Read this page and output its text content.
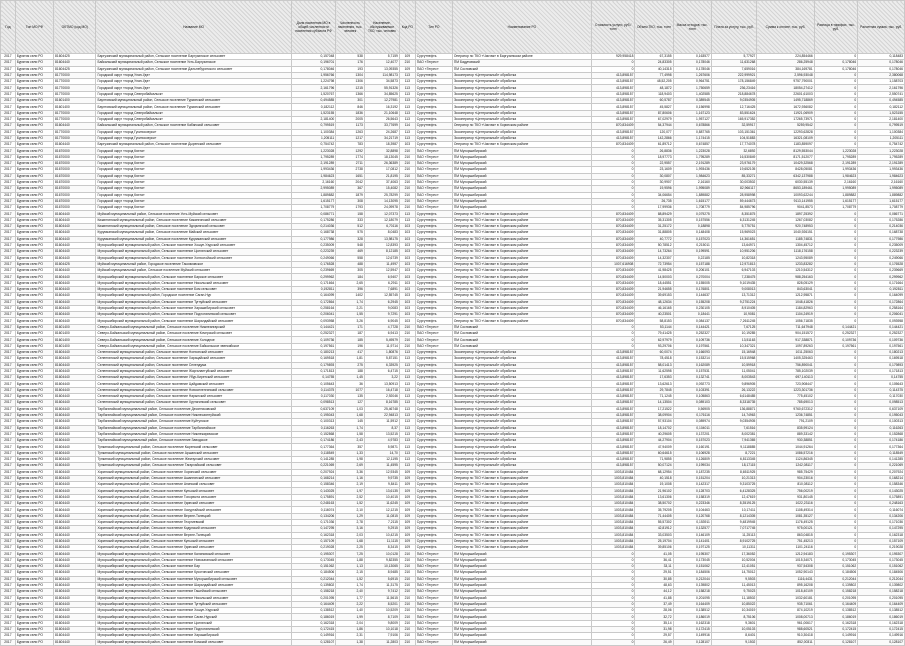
Год	Тип МО РФ	ОКТМО (код МО)	Название МО	Доля населения МО в общей численности населения субъекта РФ	Численность населения, тыс. человек	Население, обслуживаемое ТКО, тыс. человек	Код РО	Тип РО	Наименование РО	Стоимость услуги, руб./тонн	Объем ТКО, тыс. тонн	Масса отходов, тыс. тонн	Плата за услугу, тыс. руб.	Сумма к оплате, тыс. руб.	Разница в тарифах, тыс. руб.	Расчетная сумма, тыс. руб.
2017	Бурятия сели РО	81604425	Баргузинский муниципальный район, Сельское поселение Баргузинское сельсовет	0,157048	538	5,7159	109	Сургутнефть	Оператор по ТКО «Чистая» в Баргузинском районе	929,958418	67,3155	0,163577	5,77927	224,854466	0	0,118483
2017	Бурятия сели РО	81604440	Байкальский муниципальный район, Сельское поселение Усть-Баргузинское	0,196701	176	12,4077	210	ПАО «Тегрес»	ПМ Бадуновский	0	24,83305	0,178046	11,631268	286,25948	0,178046	0,178046
2017	Бурятия сели РО	81604425	Баргузинский муниципальный район, Сельское поселение Дальнебурятского сельсовет	0,178046	193	13,09355	109	ПАО «Тегрес»	ПМ Сосновский	0	40,14315	0,178046	7,659016	384,169781	0,178046	0,178046
2017	Бурятия сели РО	81770000	Городской округ «город Улан-Удэ»	1,956766	1304	114,98173	113	Сургутнефть	Экооператор «Центральный» обработка	413,898157	77,4998	1,267606	222,999921	2,596,93048	0	2,380068
2017	Бурятия сели РО	81770000	Городской округ «город Улан-Удэ»	1,224798	1306	34,5873	113	Сургутнефть	Экооператор «Центральный» обработка	413,898157	48,52,205	0,964751	178,156849	9757,790001	0	1,158703
2017	Бурятия сели РО	81770000	Городской округ «город Улан-Удэ»	2,161796	1215	55,91326	113	Сургутнефть	Экооператор «Центральный» обработка	413,898157	48,1872	1,750659	236,23416	18054,27412	0	2,161796
2017	Бурятия сели РО	81770000	Городской округ «город Северобайкальск»	1,520767	1366	34,85625	113	Сургутнефть	Экооператор «Центральный» обработка	413,898157	118,9403	1,402585	218,884678	22601,61003	0	2,550741
2017	Бурятия сели РО	81601400	Баунтовский муниципальный район, Сельское поселение Туркинский сельсовет	0,494585	301	12,27981	113	Сургутнефть	Экооператор «Центральный» обработка	413,898157	60,5787	0,389545	9,0354905	1495,718869	0	0,494585
2017	Бурятия сели РО	81601400	Баунтовский муниципальный район, Сельское поселение Туркинский сельсовет	0,182112	846	16,3192	113	Сургутнефть	Экооператор «Центральный» обработка	413,898157	45,5827	0,156998	12,716425	1672,936082	0	0,182112
2017	Бурятия сели РО	81770000	Городской округ «город Северобайкальск»	1,523155	1836	21,10648	113	Сургутнефть	Экооператор «Центральный» обработка	413,898157	87,80606	1,167123	83,551624	11921,06909	0	1,523155
2017	Бурятия сели РО	81770000	Городской округ «город Северобайкальск»	2,181400	2005	26,5643	113	Сургутнефть	Экооператор «Центральный» обработка	413,898157	67,02979	1,957127	165,917352	17265,73971	0	2,181400
2017	Бурятия сели РО	81604440	Байкальский муниципальный район, Сельское поселение Кабанский сельсовет	0,799519	1173	33,77699	114	Сургутнефть	Оператор по ТКО «Чистая» в Хоринском районе	870,834409	54,37944	0,678866	32,59917	5259,9542	0	0,799519
2017	Бурятия сели РО	81770000	Городской округ «город Гусиноозерск»	1,100384	1263	24,2687	113	Сургутнефть	Экооператор «Центральный» обработка	413,898157	120,077	0,887765	103,151361	12293,62828	0	1,100384
2017	Бурятия сели РО	81770000	Городской округ «город Гусиноозерск»	1,205111	1217	34,21719	113	Сургутнефть	Экооператор «Центральный» обработка	413,898157	142,2866	1,174415	104,51883	16321,08109	0	1,205111
2017	Бурятия сели РО	81604440	Баргузинский муниципальный район, Сельское поселение Дыренский сельсовет	0,754742	783	18,3987	103	Сургутнефть	Оператор по ТКО «Чистая» в Хоринском районе	870,834409	61,89712	0,674857	17,774078	1183,859097	0	0,754742
2017	Бурятия сели РО	81670000	Городской округ «город Кяхта»	1,223028	1292	32,8898	210	ПАО «Тегрес»	ПМ Мухоршибирский	0	26,8836	1,223028	32,6892	8129,553044	1,223028	1,223028
2017	Бурятия сели РО	81670000	Городской округ «город Кяхта»	1,795289	1774	18,13045	210	ПАО «Тегрес»	ПМ Мухоршибирский	0	18,97773	1,795289	16,530849	8171,512077	1,795289	1,795289
2017	Бурятия сели РО	81670000	Городской округ «город Кяхта»	2,191289	2711	26,36389	210	ПАО «Тегрес»	ПМ Мухоршибирский	0	22,9557	2,191289	23,976179	10429,32568	2,191289	2,191289
2017	Бурятия сели РО	81670000	Городской округ «город Кяхта»	1,993436	2738	17,0812	210	ПАО «Тегрес»	ПМ Мухоршибирский	0	23,1609	1,993436	19,652105	8428,05081	1,993436	1,993436
2017	Бурятия сели РО	81670000	Городской округ «город Кяхта»	1,984623	1651	21,8195	210	ПАО «Тегрес»	ПМ Мухоршибирский	0	30,0807	1,984623	85,33271	6342,137988	1,984623	1,984623
2017	Бурятия сели РО	81670000	Городской округ «город Кяхта»	2,16160	2042	37,4063	210	ПАО «Тегрес»	ПМ Мухоршибирский	0	30,9907	2,16160	30,003502	6030,55139	2,16160	2,16160
2017	Бурятия сели РО	81670000	Городской округ «город Кяхта»	2,995089	367	15,4082	210	ПАО «Тегрес»	ПМ Мухоршибирский	0	19,9596	1,995089	82,966117	8653,189461	1,995089	1,995089
2017	Бурятия сели РО	81670000	Городской округ «город Кяхта»	1,889882	1879	25,78299	210	ПАО «Тегрес»	ПМ Мухоршибирский	0	34,06654	1,889882	28,958998	10093,62244	1,889882	1,889882
2017	Бурятия сели РО	81670000	Городской округ «город Кяхта»	1,615177	308	14,13095	210	ПАО «Тегрес»	ПМ Мухоршибирский	0	26,735	1,615177	59,444673	9113,141955	1,615177	1,615177
2017	Бурятия сели РО	81670000	Городской округ «город Кяхта»	1,708779	1793	24,09978	210	ПАО «Тегрес»	ПМ Мухоршибирский	0	17,99936	1,708779	84,985796	9041,8573	1,708779	1,708779
2017	Бурятия сели РО	81604440	Муйский муниципальный район, Сельское поселение Усть-Муйский сельсовет	0,086771	158	12,07373	113	Сургутнефть	Оператор по ТКО «Чистая» в Хоринском районе	870,834409	88,89429	0,079275	8,351875	1897,25392	0	0,086771
2017	Бурятия сели РО	81604440	Кижингинский муниципальный район, Сельское поселение Кижингинский сельсовет	0,175286	333	12,18079	113	Сургутнефть	Оператор по ТКО «Чистая» в Хоринском районе	870,834409	35,31305	0,157556	6,3131245	1267,03082	0	0,175286
2017	Бурятия сели РО	81604440	Кижингинский муниципальный район, Сельское поселение Эдэрмэгский сельсовет	0,214036	512	6,70116	103	Сургутнефть	Оператор по ТКО «Чистая» в Хоринском районе	870,834409	31,25172	0,18898	5,775751	920,748953	0	0,214036
2017	Бурятия сели РО	81604440	Курумканский муниципальный район, Сельское поселение Майский сельсовет	0,168738	575	8,0483	103	Сургутнефть	Оператор по ТКО «Чистая» в Хоринском районе	870,834409	31,88805	0,148408	15,969023	1040,926151	0	0,168738
2017	Бурятия сели РО	81604440	Курумканский муниципальный район, Сельское поселение Курумканский сельсовет	0,177986	328	13,98175	103	Сургутнефть	Оператор по ТКО «Чистая» в Хоринском районе	870,834409	40,7772	0,157023	14,361651	1185,74831	0	0,177986
2017	Бурятия сели РО	81604440	Мухоршибирский муниципальный район, Сельское поселение Хошун-Узурский сельсовет	0,235009	548	12,8393	103	Сургутнефть	Оператор по ТКО «Чистая» в Хоринском районе	870,834409	50,78512	0,215011	13,64971	1304,45712	0	0,235009
2017	Бурятия сели РО	81604440	Мухоршибирский муниципальный район, Сельское поселение Цолгинский сельсовет	0,223239	469	8,12185	103	Сургутнефть	Оператор по ТКО «Чистая» в Хоринском районе	870,834409	14,73264	0,199591	10,951206	1118,176158	0	0,223239
2017	Бурятия сели РО	81604440	Мухоршибирский муниципальный район, Сельское поселение Хонхолойский сельсовет	0,249066	558	12,6739	103	Сургутнефть	Оператор по ТКО «Чистая» в Хоринском районе	870,834409	14,32307	0,22185	10,82318	1243,95089	0	0,249066
2017	Бурятия сели РО	81604425	Муйский муниципальный район, Городское поселение Таксимовское	0,176528	488	11,4997	103	Сургутнефть	Оператор по ТКО «Чистая» в Хоринском районе	1007,616908	72,73954	0,157188	12,971813	1233,83282	0	0,176528
2017	Бурятия сели РО	81604440	Муйский муниципальный район, Сельское поселение Муйский сельсовет	0,239669	305	12,5947	103	Сургутнефть	Оператор по ТКО «Чистая» в Хоринском районе	870,834409	41,98425	0,206101	6,947103	1210,54312	0	0,239669
2017	Бурятия сели РО	81604440	Мухоршибирский муниципальный район, Сельское поселение Барское сельсовет	0,299962	184	6,9407	103	Сургутнефть	Оператор по ТКО «Чистая» в Хоринском районе	870,834409	14,50003	0,270004	7,238475	988,254163	0	0,299962
2017	Бурятия сели РО	81604440	Мухоршибирский муниципальный район, Сельское поселение Никольский сельсовет	0,171664	2,65	6,2911	103	Сургутнефть	Оператор по ТКО «Чистая» в Хоринском районе	870,834409	18,44551	0,155005	9,1019435	828,05129	0	0,171664
2017	Бурятия сели РО	81604440	Мухоршибирский муниципальный район, Сельское поселение Бом сельсовет	0,192811	396	7,6891	103	Сургутнефть	Оператор по ТКО «Чистая» в Хоринском районе	870,834409	21,94655	0,176801	9,008013	843,63041	0	0,192811
2017	Бурятия сели РО	81604440	Мухоршибирский муниципальный район, Городское поселение Саган-Нур	0,164099	1402	12,55745	103	Сургутнефть	Оператор по ТКО «Чистая» в Хоринском районе	870,834409	39,69153	0,144637	13,71312	1212,95871	0	0,164099
2017	Бурятия сели РО	81604440	Мухоршибирский муниципальный район, Сельское поселение Тугнуйский сельсовет	0,172864	1,74	6,2945	103	Сургутнефть	Оператор по ТКО «Чистая» в Хоринском районе	870,834409	48,12634	0,155208	9,2751224	1048,41826	0	0,172864
2017	Бурятия сели РО	81604440	Мухоршибирский муниципальный район, Сельское поселение Харашибирский сельсовет	0,258164	2,21	9,0083	103	Сургутнефть	Оператор по ТКО «Чистая» в Хоринском районе	870,834409	46,16165	0,230105	8,910405	1184,82963	0	0,258164
2017	Бурятия сели РО	81604440	Мухоршибирский муниципальный район, Сельское поселение Подлопатинский сельсовет	0,206041	1,55	9,7291	103	Сургутнефть	Оператор по ТКО «Чистая» в Хоринском районе	870,834409	40,23501	0,18441	10,9081	1104,24919	0	0,206041
2017	Бурятия сели РО	81604440	Мухоршибирский муниципальный район, Сельское поселение Шаралдайский сельсовет	0,093958	3,26	6,9045	103	Сургутнефть	Оператор по ТКО «Чистая» в Хоринском районе	870,834409	58,8153	0,084137	7,2611245	1056,71835	0	0,093958
2017	Бурятия сели РО	81601400	Северо-Байкальский муниципальный район, Сельское поселение Нижнеангарский	0,144421	171	4,7728	210	ПАО «Тегрес»	ПМ Сосновский	0	53,1144	0,144421	7,67125	711,647948	0,144421	0,144421
2017	Бурятия сели РО	81601400	Северо-Байкальский муниципальный район, Сельское поселение Кичерский сельсовет	0,252327	187	6,9413	210	ПАО «Тегрес»	ПМ Сосновский	0	79,41425	0,252327	10,19285	904,151572	0,252327	0,252327
2017	Бурятия сели РО	81601400	Северо-Байкальский муниципальный район, Сельское поселение Холодное	0,109736	185	5,49579	210	ПАО «Тегрес»	ПМ Сосновский	0	62,97979	0,109736	13,51163	917,338871	0,109736	0,109736
2017	Бурятия сели РО	81601400	Северо-Байкальский муниципальный район, Сельское поселение Байкальское эвенкийское	0,197561	196	11,9714	210	ПАО «Тегрес»	ПМ Сосновский	0	93,29706	0,197561	10,347321	1097,89263	0,197561	0,197561
2017	Бурятия сели РО	81604440	Селенгинский муниципальный район, Сельское поселение Ноехонский сельсовет	0,180213	417	1,80876	113	Сургутнефть	Экооператор «Центральный» обработка	413,898157	60,0074	0,166093	15,16948	1011,25063	0	0,180213
2017	Бурятия сели РО	81604440	Селенгинский муниципальный район, Сельское поселение Харацайский сельсовет	0,169518	1,81	5,87151	113	Сургутнефть	Экооператор «Центральный» обработка	413,898157	78,4518	0,153214	15,515968	1405,325463	0	0,169518
2017	Бурятия сели РО	81604440	Селенгинский муниципальный район, Сельское поселение Селендума	0,179893	275	6,33925	113	Сургутнефть	Экооператор «Центральный» обработка	413,898157	58,01413	0,162089	10,59918	756,890041	0	0,179893
2017	Бурятия сели РО	81604440	Селенгинский муниципальный район, Сельское поселение Жаргалантуйский сельсовет	0,171813	188	6,4715	113	Сургутнефть	Экооператор «Центральный» обработка	413,898157	11,62598	0,157531	11,05041	785,102039	0	0,171813
2017	Бурятия сели РО	81604440	Селенгинский муниципальный район, Сельское поселение Убур-Киретский сельсовет	0,14755	1,45	3,22	113	Сургутнефть	Экооператор «Центральный» обработка	413,898157	17,6353	0,132741	8,003543	697,140113	0	0,14755
2017	Бурятия сели РО	81604440	Селенгинский муниципальный район, Сельское поселение Цайдамский сельсовет	0,105643	36	13,50913	113	Сургутнефть	Экооператор «Центральный» обработка	413,898157	13,62613	0,092773	9,896905	723,908447	0	0,105643
2017	Бурятия сели РО	81604440	Селенгинский муниципальный район, Сельское поселение Новоселенгинский сельсовет	0,114375	1077	16,4718	113	Сургутнефть	Экооператор «Центральный» обработка	413,898157	29,7845	0,103391	26,13222	1223,301736	0	0,114375
2017	Бурятия сели РО	81604440	Селенгинский муниципальный район, Сельское поселение Нарынский сельсовет	0,117030	135	2,92046	113	Сургутнефть	Экооператор «Центральный» обработка	413,898157	71,1245	0,105863	6,6148485	775,45102	0	0,117030
2017	Бурятия сели РО	81604440	Селенгинский муниципальный район, Сельское поселение Хуртагинский сельсовет	0,098513	127	8,16785	113	Сургутнефть	Экооператор «Центральный» обработка	413,898157	14,13504	0,089103	8,3318735	785,69013	0	0,098513
2017	Бурятия сели РО	81604440	Тарбагатайский муниципальный район, Сельское поселение Десятниковский	0,637109	1,03	25,46748	113	Сургутнефть	Экооператор «Центральный» обработка	413,898157	17,21522	0,56905	136,88871	9760,672312	0	0,637109
2017	Бурятия сели РО	81604440	Тарбагатайский муниципальный район, Сельское поселение Нижнесаянтуйский	0,195043	1,68	22,94813	113	Сургутнефть	Экооператор «Центральный» обработка	413,898157	38,09904	0,176116	14,74963	1236,74851	0	0,195043
2017	Бурятия сели РО	81604440	Тарбагатайский муниципальный район, Сельское поселение Куйтунское	0,100313	145	11,5912	113	Сургутнефть	Экооператор «Центральный» обработка	413,898157	57,93104	0,089974	9,0354905	791,2109	0	0,100313
2017	Бурятия сели РО	81604440	Тарбагатайский муниципальный район, Сельское поселение Тарбагатайское	0,116263	1,74	8,37	113	Сургутнефть	Экооператор «Центральный» обработка	413,898157	18,14702	0,104011	7,61516	835,99124	0	0,116263
2017	Бурятия сели РО	81604440	Тарбагатайский муниципальный район, Сельское поселение Нижнежиримское	0,152868	1,58	13,5215	113	Сургутнефть	Экооператор «Центральный» обработка	413,898157	40,29605	0,137201	8,002381	889,33142	0	0,152868
2017	Бурятия сели РО	81604440	Тарбагатайский муниципальный район, Сельское поселение Заводское	0,174186	2,43	4,9783	113	Сургутнефть	Экооператор «Центральный» обработка	413,898157	44,27904	0,157023	7,941365	930,38851	0	0,174186
2017	Бурятия сели РО	81604440	Тункинский муниципальный район, Сельское поселение Кыренский сельсовет	0,177364	357	5,9871	113	Сургутнефть	Экооператор «Центральный» обработка	413,898157	47,94009	0,160191	9,1118885	1044,91264	0	0,177364
2017	Бурятия сели РО	81604440	Тункинский муниципальный район, Сельское поселение Аршанский сельсовет	0,118549	1,33	14,70	113	Сургутнефть	Экооператор «Центральный» обработка	413,898157	60,64615	0,106928	8,7221	1086,57216	0	0,118549
2017	Бурятия сели РО	81604440	Тункинский муниципальный район, Сельское поселение Жемчугский сельсовет	0,141285	1,98	12,1195	113	Сургутнефть	Экооператор «Центральный» обработка	413,898157	71,9855	0,126809	6,8113345	1124,86345	0	0,141285
2017	Бурятия сели РО	81604440	Тункинский муниципальный район, Сельское поселение Тагархайский сельсовет	0,221069	2,69	11,4595	113	Сургутнефть	Экооператор «Центральный» обработка	413,898157	50,07124	0,199034	18,17115	1242,08117	0	0,221069
2017	Бурятия сели РО	81604440	Хоринский муниципальный район, Сельское поселение Хоринский сельсовет	0,207924	3,36	12,9345	109	Сургутнефть	Оператор по ТКО «Чистая» в Хоринском районе	1003,810484	68,12954	0,187235	8,6511925	985,75429	0	0,207924
2017	Бурятия сели РО	81604440	Хоринский муниципальный район, Сельское поселение Ашангинский сельсовет	0,168214	1,16	9,9735	109	Сургутнефть	Оператор по ТКО «Чистая» в Хоринском районе	1003,810484	40,1518	0,151204	10,21313	904,23016	0	0,168214
2017	Бурятия сели РО	81604440	Хоринский муниципальный район, Сельское поселение Анинский сельсовет	0,158346	2,19	9,8411	109	Сургутнефть	Оператор по ТКО «Чистая» в Хоринском районе	1003,810484	19,1008	0,142317	9,3103725	810,08112	0	0,158346
2017	Бурятия сели РО	81604440	Хоринский муниципальный район, Сельское поселение Кульский сельсовет	0,143025	1,97	13,6135	109	Сургутнефть	Оператор по ТКО «Чистая» в Хоринском районе	1003,810484	21,96102	0,128703	6,4128325	756,00219	0	0,143025
2017	Бурятия сели РО	81604440	Хоринский муниципальный район, Сельское поселение Тохорюкта сельсовет	0,175891	2,52	10,4015	109	Сургутнефть	Оператор по ТКО «Чистая» в Хоринском районе	1003,810484	13,61306	0,158319	12,47619	931,80145	0	0,175891
2017	Бурятия сели РО	81604440	Хоринский муниципальный район, Сельское поселение Удинский сельсовет	0,248163	1,52	11,6245	109	Сургутнефть	Оператор по ТКО «Чистая» в Хоринском районе	1003,810484	38,50702	0,223346	8,3519125	1022,23116	0	0,248163
2017	Бурятия сели РО	81604440	Хоринский муниципальный район, Сельское поселение Хасуртайский сельсовет	0,116074	2,10	12,1215	109	Сургутнефть	Оператор по ТКО «Чистая» в Хоринском районе	1003,810484	35,79205	0,104463	10,17411	1108,49314	0	0,116074
2017	Бурятия сели РО	81604440	Хоринский муниципальный район, Сельское поселение Верхне-Талецкий	0,134206	1,29	11,0815	109	Сургутнефть	Оператор по ТКО «Чистая» в Хоринском районе	1003,810484	71,44405	0,120768	8,1214305	1081,35127	0	0,134206
2017	Бурятия сели РО	81604440	Хоринский муниципальный район, Сельское поселение Георгиевский	0,171036	2,78	7,2115	109	Сургутнефть	Оператор по ТКО «Чистая» в Хоринском районе	1003,810484	55,57302	0,153911	9,4819945	1176,49125	0	0,171036
2017	Бурятия сели РО	81604440	Хоринский муниципальный район, Сельское поселение Кодунский сельсовет	0,147295	3,16	9,2915	109	Сургутнефть	Оператор по ТКО «Чистая» в Хоринском районе	1003,810484	42,81912	0,132577	7,0717745	975,00121	0	0,147295
2017	Бурятия сели РО	81604440	Хоринский муниципальный район, Сельское поселение Верхне-Талецкий	0,162318	2,03	10,4215	109	Сургутнефть	Оператор по ТКО «Чистая» в Хоринском районе	1003,810484	33,03503	0,146109	11,25113	863,04815	0	0,162318
2017	Бурятия сели РО	81604440	Хоринский муниципальный район, Сельское поселение Кульский сельсовет	0,157109	1,68	11,1115	109	Сургутнефть	Оператор по ТКО «Чистая» в Хоринском районе	1003,810484	25,19704	0,141401	8,9102725	751,45213	0	0,157109
2017	Бурятия сели РО	81604440	Хоринский муниципальный район, Сельское поселение Удинский сельсовет	0,219028	2,25	8,3415	109	Сургутнефть	Оператор по ТКО «Чистая» в Хоринском районе	1003,810484	39,85106	0,197125	10,11311	1101,24116	0	0,219028
2017	Бурятия сели РО	81604440	Мухоршибирский муниципальный район, Сельское поселение Калиновский сельсовет	0,195307	7,25	10,0128	210	ПАО «Тегрес»	ПМ Мухоршибирский	0	41,05	0,195307	17,36052	1212,94183	0,195307	0,195307
2017	Бурятия сели РО	81604440	Мухоршибирский муниципальный район, Сельское поселение Новозаганский сельсовет	0,173045	1,88	9,82355	210	ПАО «Тегрес»	ПМ Мухоршибирский	0	36,41	0,173045	10,52004	1015,34071	0,173045	0,173045
2017	Бурятия сели РО	81604440	Мухоршибирский муниципальный район, Сельское поселение Бар	0,151062	1,13	10,13065	210	ПАО «Тегрес»	ПМ Мухоршибирский	0	33,11	0,151062	12,41051	937,54308	0,151062	0,151062
2017	Бурятия сели РО	81604440	Мухоршибирский муниципальный район, Сельское поселение Кусотинский сельсовет	0,184506	2,15	8,9485	210	ПАО «Тегрес»	ПМ Мухоршибирский	0	29,51	0,184506	14,75012	1052,90143	0,184506	0,184506
2017	Бурятия сели РО	81604440	Мухоршибирский муниципальный район, Сельское поселение Мухоршибирский сельсовет	0,212044	1,52	5,6915	210	ПАО «Тегрес»	ПМ Мухоршибирский	0	30,85	0,212044	9,5503	1116,4431	0,212044	0,212044
2017	Бурятия сели РО	81604440	Мухоршибирский муниципальный район, Сельское поселение Шаралдайский сельсовет	0,139802	1,74	11,3175	210	ПАО «Тегрес»	ПМ Мухоршибирский	0	48,63	0,139802	11,45013	895,16208	0,139802	0,139802
2017	Бурятия сели РО	81604440	Мухоршибирский муниципальный район, Сельское поселение Гашейский сельсовет	0,158218	2,40	9,7412	210	ПАО «Тегрес»	ПМ Мухоршибирский	0	44,12	0,158218	9,75023	1018,40109	0,158218	0,158218
2017	Бурятия сели РО	81604440	Мухоршибирский муниципальный район, Сельское поселение Никольский сельсовет	0,201095	1,77	11,5615	210	ПАО «Тегрес»	ПМ Мухоршибирский	0	41,88	0,201095	11,18502	1032,60181	0,201095	0,201095
2017	Бурятия сели РО	81604440	Мухоршибирский муниципальный район, Сельское поселение Тугнуйский сельсовет	0,164409	2,22	8,5201	210	ПАО «Тегрес»	ПМ Мухоршибирский	0	37,49	0,164409	10,85022	935,71061	0,164409	0,164409
2017	Бурятия сели РО	81604440	Мухоршибирский муниципальный район, Сельское поселение Хошун-Узурский	0,138512	1,40	10,5209	210	ПАО «Тегрес»	ПМ Мухоршибирский	0	28,06	0,138512	10,34019	874,10219	0,138512	0,138512
2017	Бурятия сели РО	81604440	Мухоршибирский муниципальный район, Сельское поселение Саган-Нурский	0,186019	1,99	8,7109	210	ПАО «Тегрес»	ПМ Мухоршибирский	0	32,72	0,186019	8,75106	1008,00713	0,186019	0,186019
2017	Бурятия сели РО	81604440	Мухоршибирский муниципальный район, Сельское поселение Цолгинский	0,162318	2,04	9,8009	210	ПАО «Тегрес»	ПМ Мухоршибирский	0	35,14	0,162318	9,3601	961,00617	0,162318	0,162318
2017	Бурятия сели РО	81604440	Мухоршибирский муниципальный район, Сельское поселение Подлопатинский	0,172415	1,86	10,1018	210	ПАО «Тегрес»	ПМ Мухоршибирский	0	31,98	0,172415	10,05103	988,60521	0,172415	0,172415
2017	Бурятия сели РО	81604440	Мухоршибирский муниципальный район, Сельское поселение Харашибирский	0,149916	2,31	7,9106	210	ПАО «Тегрес»	ПМ Мухоршибирский	0	29,57	0,149916	8,6401	910,30418	0,149916	0,149916
2017	Бурятия сели РО	81604440	Мухоршибирский муниципальный район, Сельское поселение Бомский сельсовет	0,128107	1,38	11,2803	210	ПАО «Тегрес»	ПМ Мухоршибирский	0	26,49	0,128107	9,1502	852,00311	0,128107	0,128107
